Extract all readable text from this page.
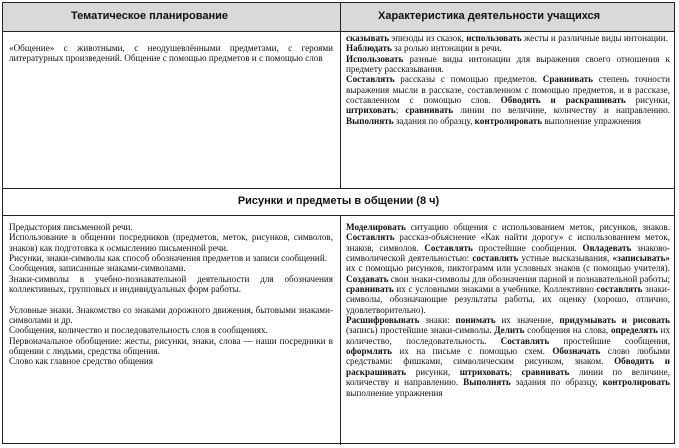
Тематическое планирование	Характеристика деятельности учащихся

«Общение» с животными, с неодушевлёнными предметами, с героями литературных произведений. Общение с помощью предметов и с помощью слов

сказывать эпизоды из сказок, использовать жесты и различные виды интонации.

Наблюдать за ролью интонации в речи.

Использовать разные виды интонации для выражения своего отношения к предмету рассказывания.

Составлять рассказы с помощью предметов. Сравнивать степень точности выражения мысли в рассказе, составленном с помощью предметов, и в рассказе, составленном с помощью слов. Обводить и раскрашивать рисунки, штриховать; сравнивать линии по величине, количеству и направлению. Выполнять задания по образцу, контролировать выполнение упражнения

Рисунки и предметы в общении (8 ч)

Предыстория письменной речи.

Использование в общении посредников (предметов, меток, рисунков, символов, знаков) как подготовка к осмыслению письменной речи.

Рисунки, знаки-символы как способ обозначения предметов и записи сообщений.

Сообщения, записанные знаками-символами.

Знаки-символы в учебно-познавательной деятельности для обозначения коллективных, групповых и индивидуальных форм работы.

Условные знаки. Знакомство со знаками дорожного движения, бытовыми знаками-символами и др.

Сообщения, количество и последовательность слов в сообщениях.

Первоначальное обобщение: жесты, рисунки, знаки, слова — наши посредники в общении с людьми, средства общения.

Слово как главное средство общения

Моделировать ситуацию общения с использованием меток, рисунков, знаков. Составлять рассказ-объяснение «Как найти дорогу» с использованием меток, знаков, символов. Составлять простейшие сообщения. Овладевать знаково-символической деятельностью: составлять устные высказывания, «записывать» их с помощью рисунков, пиктограмм или условных знаков (с помощью учителя). Создавать свои знаки-символы для обозначения парной и познавательной работы; сравнивать их с условными знаками в учебнике. Коллективно составлять знаки-символы, обозначающие результаты работы, их оценку (хорошо, отлично, удовлетворительно).

Расшифровывать знаки: понимать их значение, придумывать и рисовать (запись) простейшие знаки-символы. Делить сообщения на слова, определять их количество, последовательность. Составлять простейшие сообщения, оформлять их на письме с помощью схем. Обозначать слово любыми средствами: фишками, символическим рисунком, знаком. Обводить и раскрашивать рисунки, штриховать; сравнивать линии по величине, количеству и направлению. Выполнять задания по образцу, контролировать выполнение упражнения
